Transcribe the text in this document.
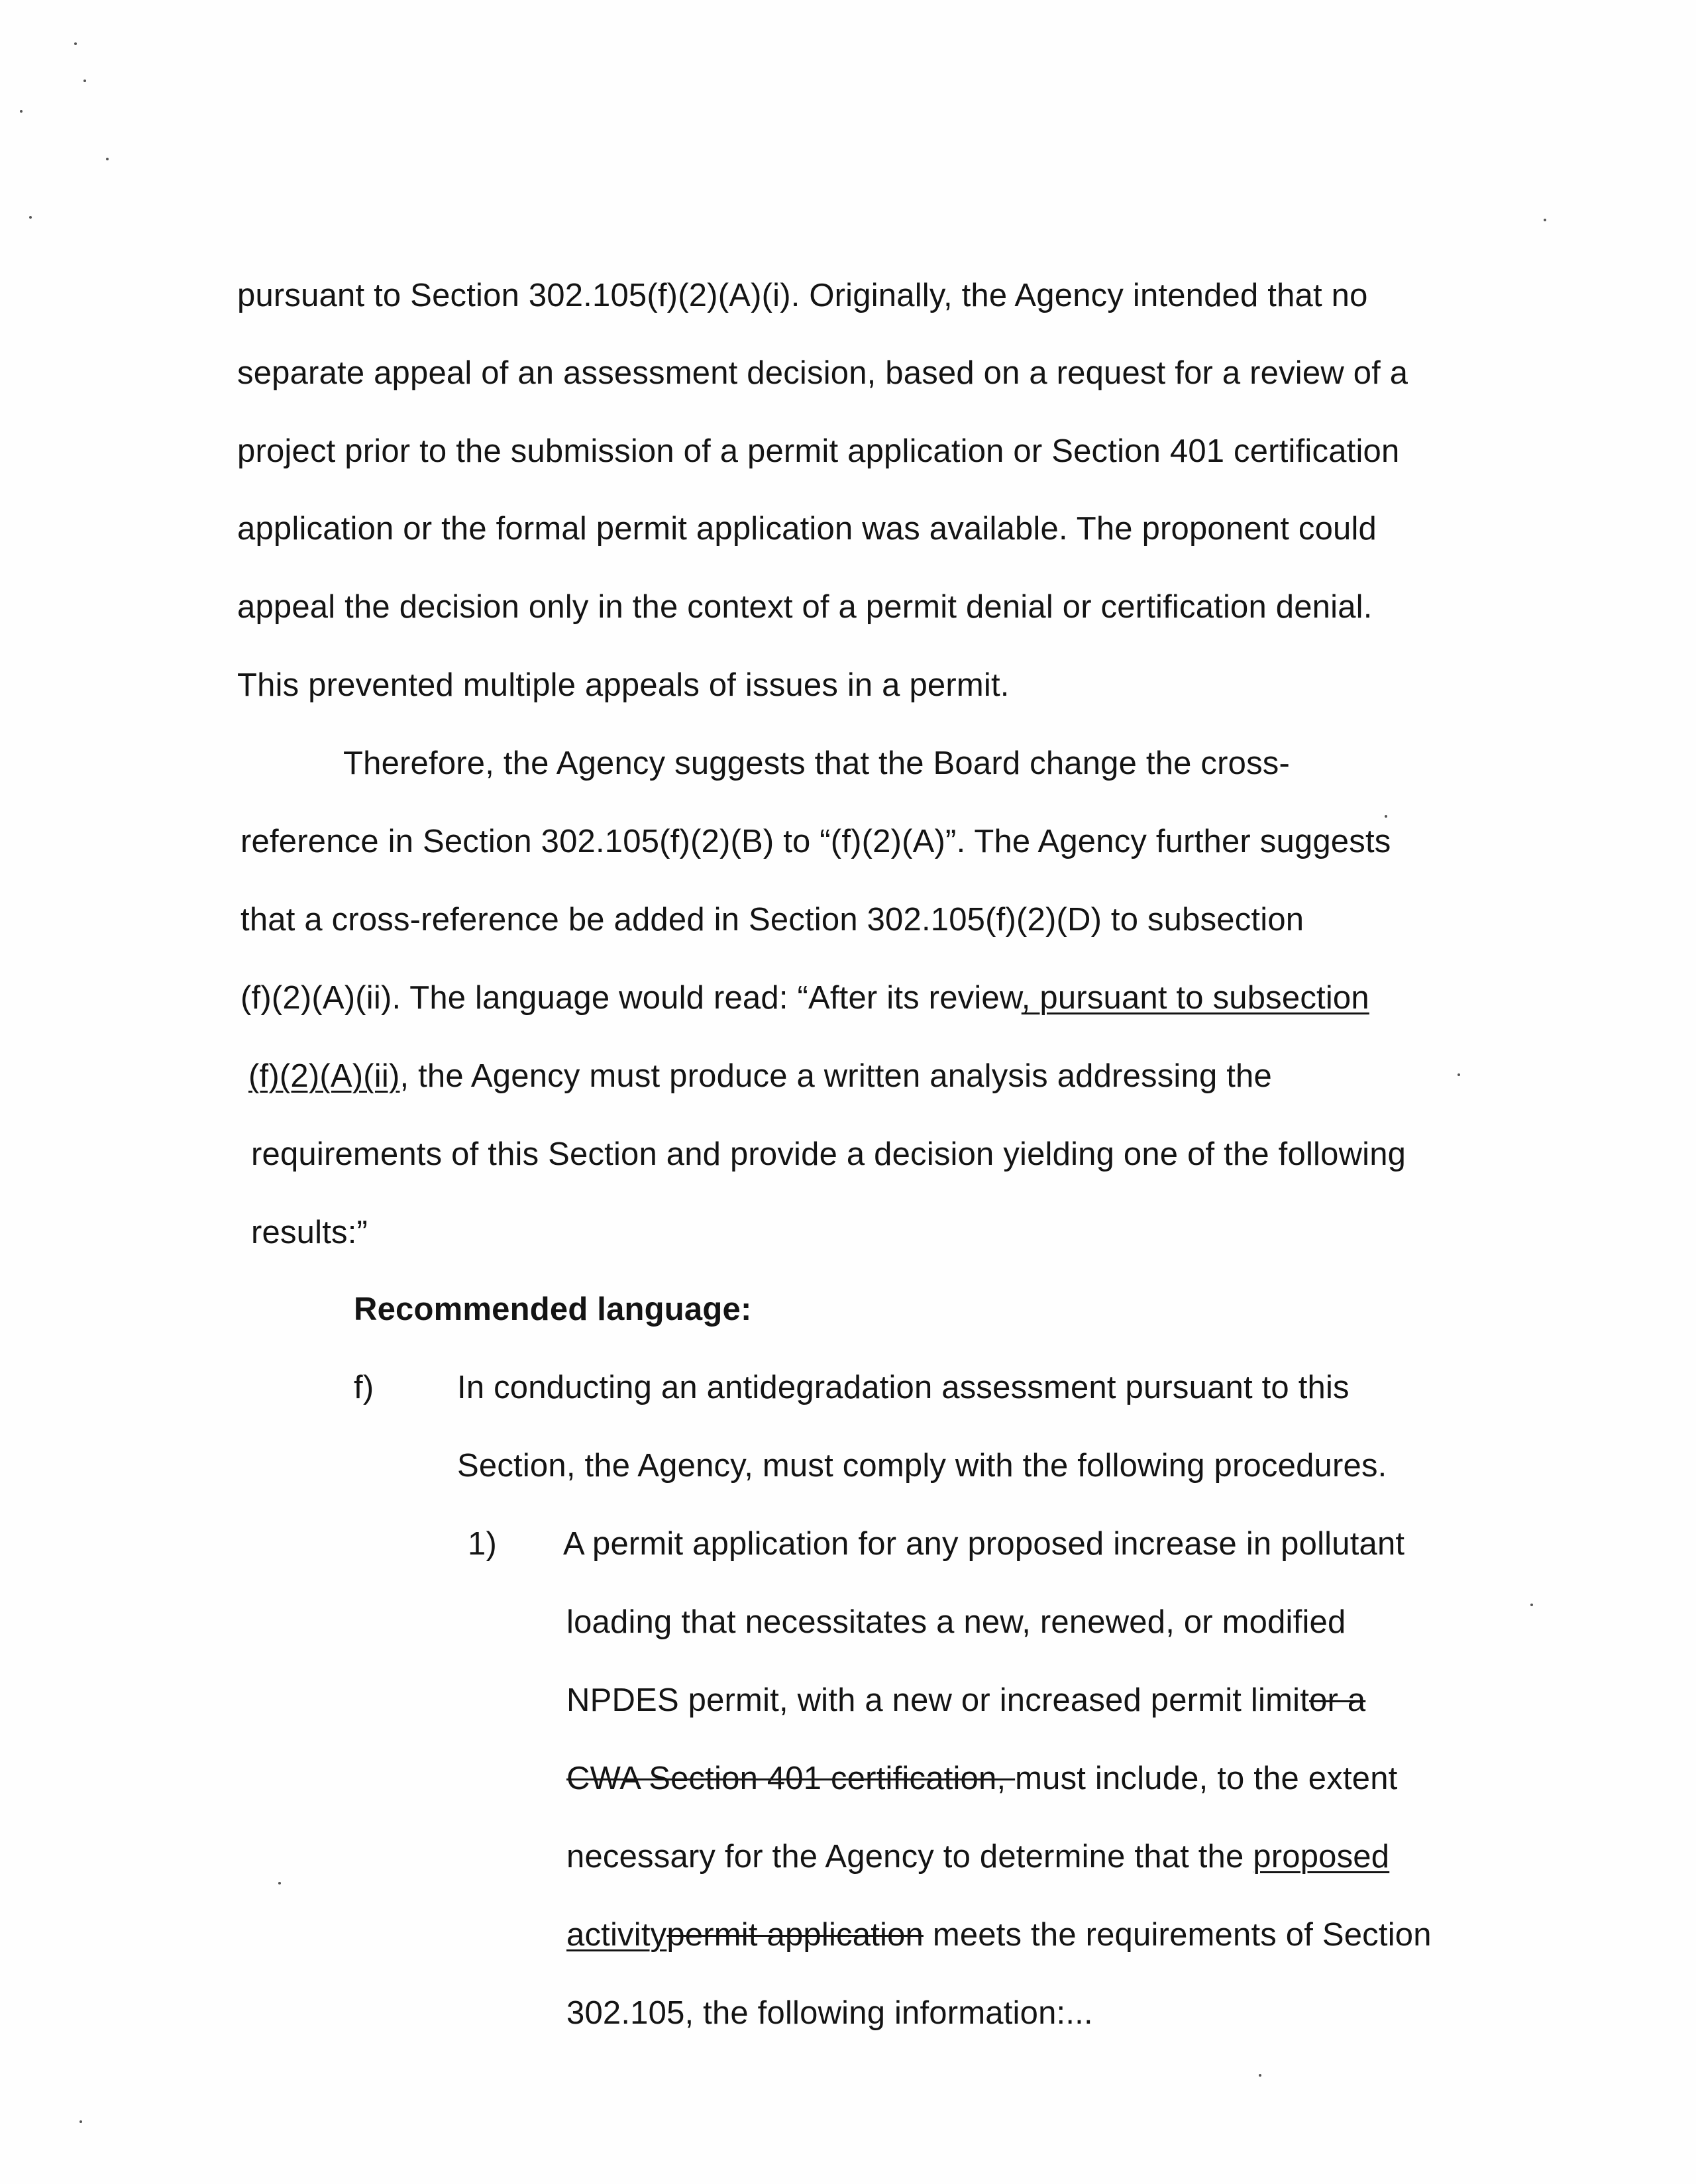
pursuant to Section 302.105(f)(2)(A)(i). Originally, the Agency intended that no
separate appeal of an assessment decision, based on a request for a review of a
project prior to the submission of a permit application or Section 401 certification
application or the formal permit application was available. The proponent could
appeal the decision only in the context of a permit denial or certification denial.
This prevented multiple appeals of issues in a permit.
Therefore, the Agency suggests that the Board change the cross-
reference in Section 302.105(f)(2)(B) to “(f)(2)(A)”. The Agency further suggests
that a cross-reference be added in Section 302.105(f)(2)(D) to subsection
(f)(2)(A)(ii). The language would read: “After its review, pursuant to subsection
(f)(2)(A)(ii), the Agency must produce a written analysis addressing the
requirements of this Section and provide a decision yielding one of the following
results:”
Recommended language:
f)	In conducting an antidegradation assessment pursuant to this
Section, the Agency, must comply with the following procedures.
1) A permit application for any proposed increase in pollutant
loading that necessitates a new, renewed, or modified
NPDES permit, with a new or increased permit limitor a
CWA Section 401 certification, must include, to the extent
necessary for the Agency to determine that the proposed
activitypermit application meets the requirements of Section
302.105, the following information:...
